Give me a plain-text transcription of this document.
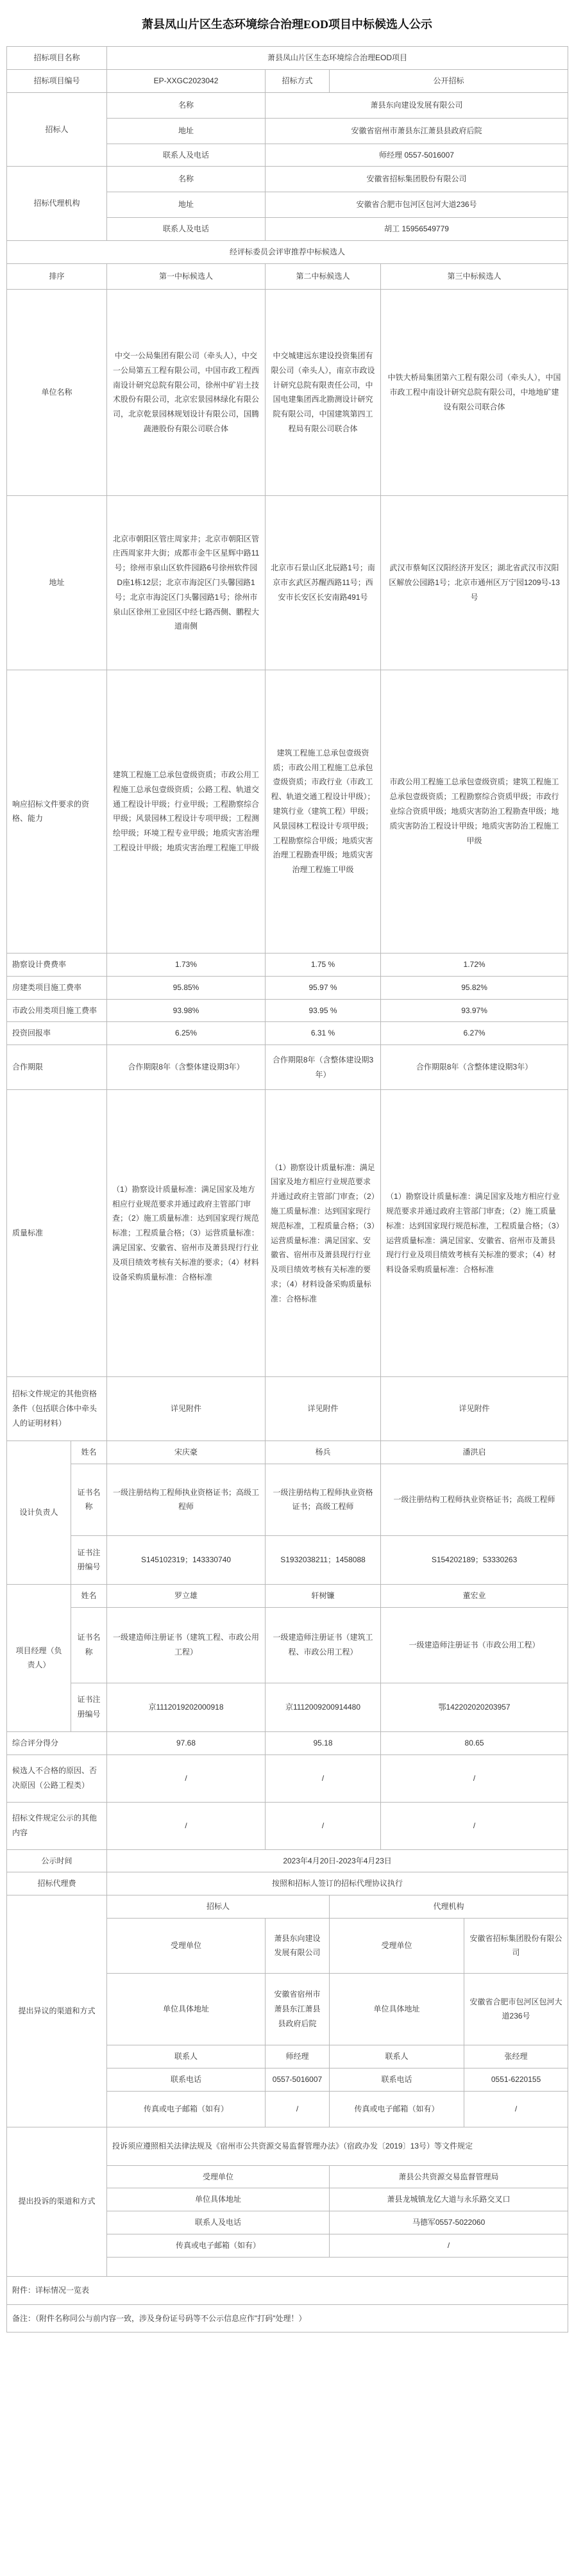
萧县凤山片区生态环境综合治理EOD项目中标候选人公示
招标项目名称		萧县凤山片区生态环境综合治理EOD项目				
招标项目编号		EP-XXGC2023042	招标方式	公开招标		
招标人		名称	萧县东向建设发展有限公司			
		地址	安徽省宿州市萧县东江萧县县政府后院			
		联系人及电话	师经理 0557-5016007			
招标代理机构		名称	安徽省招标集团股份有限公司			
		地址	安徽省合肥市包河区包河大道236号			
		联系人及电话	胡工 15956549779			
经评标委员会评审推荐中标候选人						
排序		第一中标候选人	第二中标候选人		第三中标候选人	
单位名称		中交一公局集团有限公司（牵头人），中交一公局第五工程有限公司，中国市政工程西南设计研究总院有限公司，徐州中矿岩土技术股份有限公司，北京宏景园林绿化有限公司，北京乾景园林规划设计有限公司，国腾蔬港股份有限公司联合体	中交城建远东建设投资集团有限公司（牵头人），南京市政设计研究总院有限责任公司，中国电建集团西北勘测设计研究院有限公司，中国建筑第四工程局有限公司联合体		中铁大桥局集团第六工程有限公司（牵头人），中国市政工程中南设计研究总院有限公司，中地地矿建设有限公司联合体	
地址		北京市朝阳区管庄周家井；北京市朝阳区管庄西周家井大街；成都市金牛区星辉中路11号；徐州市泉山区软件园路6号徐州软件园D座1栋12层；北京市海淀区门头馨园路1号；北京市海淀区门头馨园路1号；徐州市泉山区徐州工业园区中经七路西侧、鹏程大道南侧	北京市石景山区北辰路1号；南京市玄武区苏醒西路11号；西安市长安区长安南路491号		武汉市蔡甸区汉阳经济开发区；湖北省武汉市汉阳区解放公园路1号；北京市通州区万宁园1209号-13号	
响应招标文件要求的资格、能力		建筑工程施工总承包壹级资质；市政公用工程施工总承包壹级资质；公路工程、轨道交通工程设计甲级；行业甲级；工程勘察综合甲级；风景园林工程设计专项甲级；工程测绘甲级；环境工程专业甲级；地质灾害治理工程设计甲级；地质灾害治理工程施工甲级	建筑工程施工总承包壹级资质；市政公用工程施工总承包壹级资质；市政行业（市政工程、轨道交通工程设计甲级）；建筑行业（建筑工程）甲级；风景园林工程设计专项甲级；工程勘察综合甲级；地质灾害治理工程勘查甲级；地质灾害治理工程施工甲级		市政公用工程施工总承包壹级资质；建筑工程施工总承包壹级资质；工程勘察综合资质甲级；市政行业综合资质甲级；地质灾害防治工程勘查甲级；地质灾害防治工程设计甲级；地质灾害防治工程施工甲级	
勘察设计费费率		1.73%	1.75 %		1.72%	
房建类项目施工费率		95.85%	95.97 %		95.82%	
市政公用类项目施工费率		93.98%	93.95 %		93.97%	
投资回报率		6.25%	6.31 %		6.27%	
合作期限		合作期限8年（含整体建设期3年）	合作期限8年（含整体建设期3年）		合作期限8年（含整体建设期3年）	
质量标准		（1）勘察设计质量标准：满足国家及地方相应行业规范要求并通过政府主管部门审查；（2）施工质量标准：达到国家现行规范标准；工程质量合格；（3）运营质量标准：满足国家、安徽省、宿州市及萧县现行行业及项目绩效考核有关标准的要求；（4）材料设备采购质量标准：合格标准	（1）勘察设计质量标准：满足国家及地方相应行业规范要求并通过政府主管部门审查；（2）施工质量标准：达到国家现行规范标准，工程质量合格；（3）运营质量标准：满足国家、安徽省、宿州市及萧县现行行业及项目绩效考核有关标准的要求；（4）材料设备采购质量标准：合格标准		（1）勘察设计质量标准：满足国家及地方相应行业规范要求并通过政府主管部门审查；（2）施工质量标准：达到国家现行规范标准，工程质量合格；（3）运营质量标准：满足国家、安徽省、宿州市及萧县现行行业及项目绩效考核有关标准的要求；（4）材料设备采购质量标准：合格标准	
招标文件规定的其他资格条件（包括联合体中牵头人的证明材料）		详见附件	详见附件		详见附件	
设计负责人	姓名	宋庆豪	杨兵		潘洪启	
	证书名称	一级注册结构工程师执业资格证书；高级工程师	一级注册结构工程师执业资格证书；高级工程师		一级注册结构工程师执业资格证书；高级工程师	
	证书注册编号	S145102319；143330740	S1932038211；1458088		S154202189；53330263	
项目经理（负责人）	姓名	罗立雄	轩树镰		董宏业	
	证书名称	一级建造师注册证书（建筑工程、市政公用工程）	一级建造师注册证书（建筑工程、市政公用工程）		一级建造师注册证书（市政公用工程）	
	证书注册编号	京1112019202000918	京1112009200914480		鄂142202020203957	
综合评分得分		97.68	95.18		80.65	
候选人不合格的原因、否决原因（公路工程类）		/	/		/	
招标文件规定公示的其他内容		/	/		/	
公示时间		2023年4月20日-2023年4月23日				
招标代理费		按照和招标人签订的招标代理协议执行				
提出异议的渠道和方式		招标人		代理机构		
		受理单位	萧县东向建设发展有限公司	受理单位		安徽省招标集团股份有限公司
		单位具体地址	安徽省宿州市萧县东江萧县县政府后院	单位具体地址		安徽省合肥市包河区包河大道236号
		联系人	师经理	联系人		张经理
		联系电话	0557-5016007	联系电话		0551-6220155
		传真或电子邮箱（如有）	/	传真或电子邮箱（如有）		/
提出投诉的渠道和方式		投诉须应遵照相关法律法规及《宿州市公共资源交易监督管理办法》（宿政办发〔2019〕13号）等文件规定				
		受理单位		萧县公共资源交易监督管理局		
		单位具体地址		萧县龙城镇龙亿大道与永乐路交叉口		
		联系人及电话		马德军0557-5022060		
		传真或电子邮箱（如有）		/		

附件：详标情况一览表						
备注：（附件名称同公与前内容一致，涉及身份证号码等不公示信息应作"打码"处理！）						
